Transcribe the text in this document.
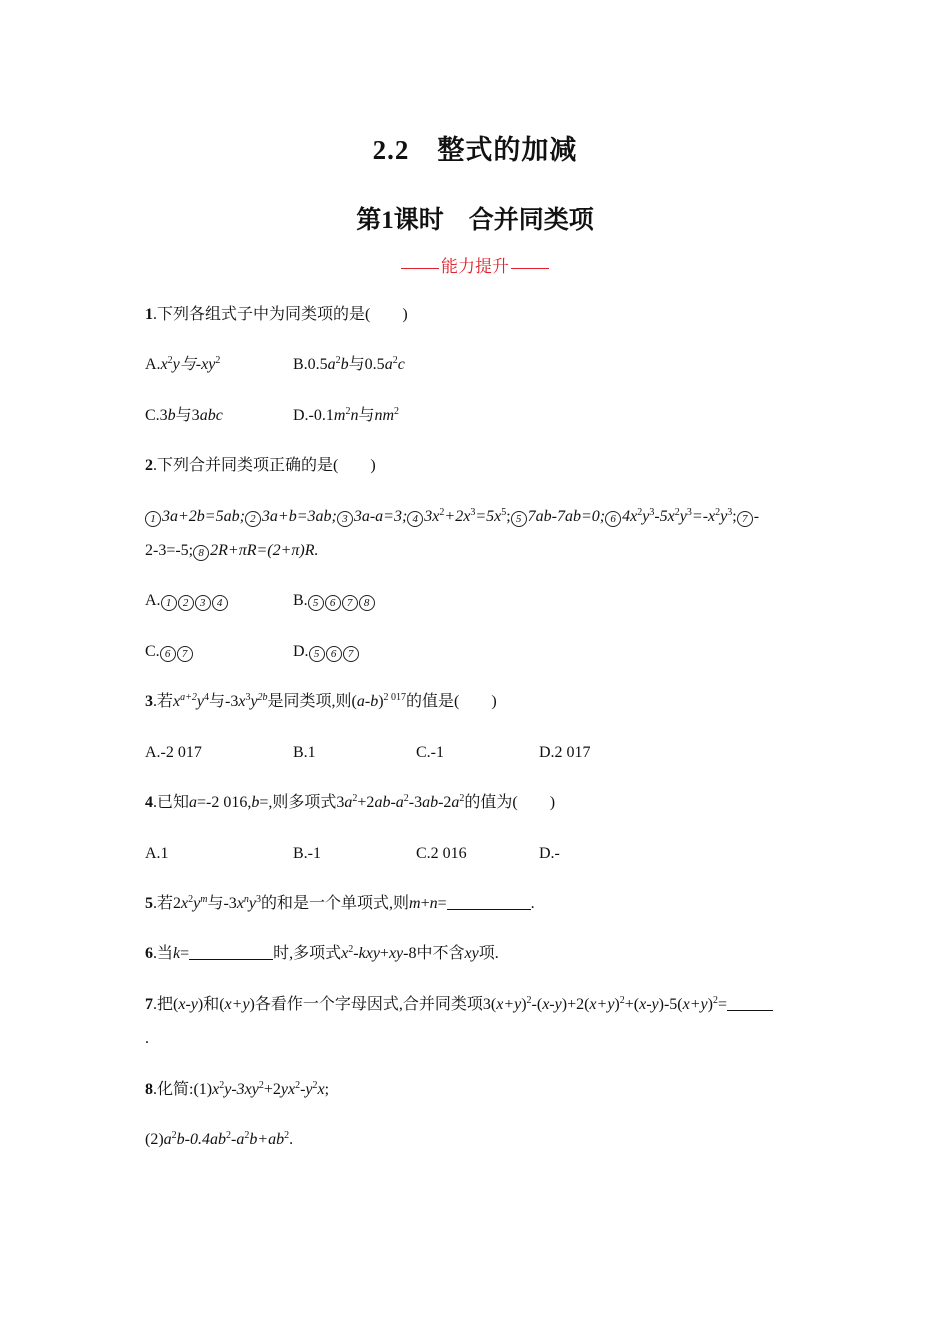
2.2　整式的加减
第1课时　合并同类项
能力提升
1.下列各组式子中为同类项的是(　　)
$A.x^2y$与$-xy^2$	$B.0.5a^2b$与$0.5a^2c$
C.3b与3abc	$D.-0.1m^2n$与$nm^2$
2.下列合并同类项正确的是(　　)
1 3a+2b=5ab; 2 3a+b=3ab; 3 3a-a=3; 4 $3x^2+2x^3=5x^5$; 5 7ab-7ab=0; 6 $4x^2y^3-5x^2y^3=-x^2y^3$; 7 -
2-3=-5; 8 2R+πR=(2+π)R.
A. 1 2 3 4	B. 5 6 7 8
C. 6 7	D. 5 6 7
3.若$x^{a+2}y^4$与$-3x^3y^{2b}$是同类项,则$(a-b)^{2 017}$的值是(　　)
A.-2 017	B.1	C.-1	D.2 017
4.已知a=-2 016,b=,则多项式$3a^2+2ab-a^2-3ab-2a^2$的值为(　　)
A.1	B.-1	C.2 016	D.-
5.若$2x^2y^m$与$-3x^ny^3$的和是一个单项式,则m+n=	.
6.当k=	时,多项式$x^2-kxy+xy-8$中不含xy项.
7.把(x-y)和(x+y)各看作一个字母因式,合并同类项$3(x+y)^2-(x-y)+2(x+y)^2+(x-y)-5(x+y)^2=$
.
8.化简$:(1)x^2y-3xy^2+2yx^2-y^2x$;
$(2)a^2b-0.4ab^2-a^2b+ab^2$.
